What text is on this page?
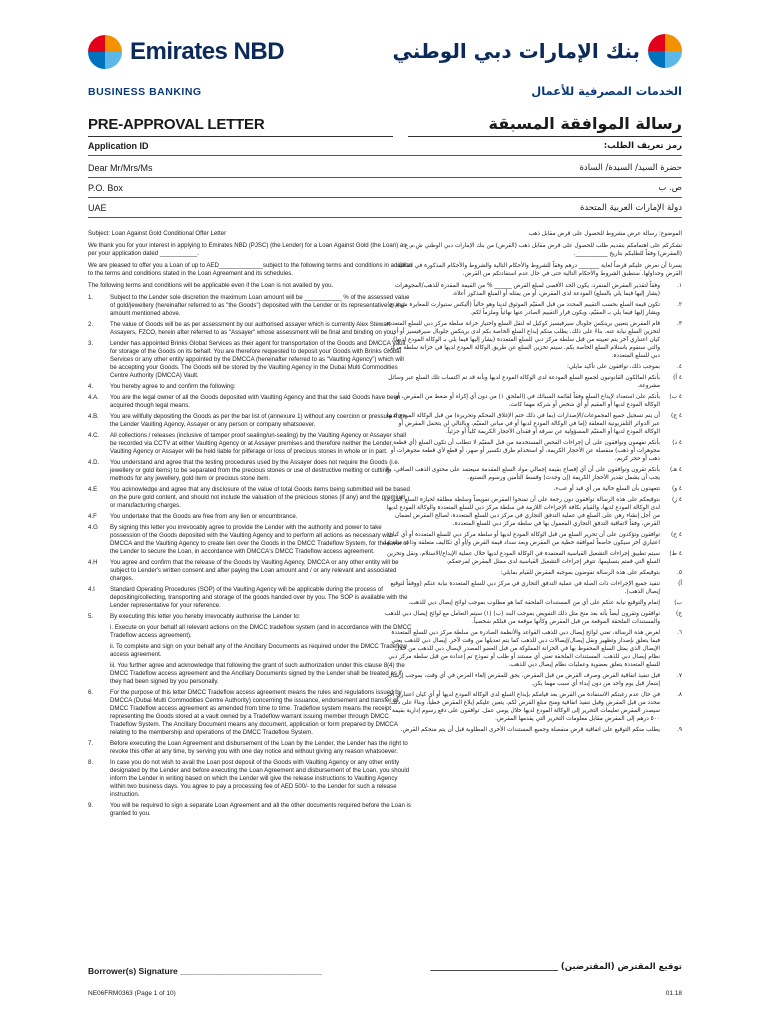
Emirates NBD
BUSINESS BANKING
بنك الإمارات دبي الوطني
الخدمات المصرفية للأعمال
PRE-APPROVAL LETTER	رسالة الموافقة المسبقة
Application ID
Dear Mr/Mrs/Ms
P.O. Box
UAE
رمز تعريف الطلب:
حضرة السيد/ السيدة/ السادة
ص. ب
دولة الإمارات العربية المتحدة
Subject: Loan Against Gold Conditional Offer Letter
We thank you for your interest in applying to Emirates NBD (PJSC) (the Lender) for a Loan Against Gold (the Loan) as per your application dated ___________.
We are pleased to offer you a Loan of up to AED_____________subject to the following terms and conditions in addition to the terms and conditions stated in the Loan Agreement and its schedules.
The following terms and conditions will be applicable even if the Loan is not availed by you.
1.	Subject to the Lender sole discretion the maximum Loan amount will be ___________ % of the assessed value of gold/jewellery (hereinafter referred to as "the Goods") deposited with the Lender or its representative or the amount mentioned above.
2.	The value of Goods will be as per assessment by our authorised assayer which is currently Alex Stewart Assayers, FZCO, herein after referred to as "Assayer" whose assessment will be final and binding on you.
3.	Lender has appointed Brinks Global Services as their agent for transportation of the Goods and DMCCA Vault for storage of the Goods on its behalf. You are therefore requested to deposit your Goods with Brinks Global Services or any other entity appointed by the DMCCA (hereinafter referred to as "Vaulting Agency") which will be accepting your Goods. The Goods will be stored by the Vaulting Agency in the Dubai Multi Commodities Centre Authority (DMCCA) Vault.
4.	You hereby agree to and confirm the following:
4.A.	You are the legal owner of all the Goods deposited with Vaulting Agency and that the said Goods have been acquired though legal means.
4.B.	You are willfully depositing the Goods as per the bar list of (annexure 1) without any coercion or pressure from the Lender Vaulting Agency, Assayer or any person or company whatsoever.
4.C.	All collections / releases (inclusive of tamper proof sealing/un-sealing) by the Vaulting Agency or Assayer shall be recorded via CCTV at either Vaulting Agency or at Assayer premises and therefore neither the Lender, Vaulting Agency or Assayer will be held liable for pilferage or loss of precious stones in whole or in part.
4.D.	You understand and agree that the testing procedures used by the Assayer does not require the Goods (i.e. jewellery or gold items) to be separated from the precious stones or use of destructive melting or cutting methods for any jewellery, gold item or precious stone item.
4.E	You acknowledge and agree that any disclosure of the value of total Goods items being submitted will be based on the pure gold content, and should not include the valuation of the precious stones (if any) and the premium or manufacturing charges.
4.F	You undertake that the Goods are free from any lien or encumbrance.
4.G	By signing this letter you irrevocably agree to provide the Lender with the authority and power to take possession of the Goods deposited with the Vaulting Agency and to perform all actions as necessary with DMCCA and the Vaulting Agency to create lien over the Goods in the DMCC Tradeflow System, for the favor of the Lender to secure the Loan, in accordance with DMCCA's DMCC Tradeflow access agreement.
4.H	You agree and confirm that the release of the Goods by Vaulting Agency, DMCCA or any other entity will be subject to Lender's written consent and after paying the Loan amount and / or any relevant and associated charges.
4.I	Standard Operating Procedures (SOP) of the Vaulting Agency will be applicable during the process of depositing/collecting, transporting and storage of the goods handed over by you. The SOP is available with the Lender representative for your reference.
5.	By executing this letter you hereby irrevocably authorise the Lender to:
i. Execute on your behalf all relevant actions on the DMCC tradeflow system (and in accordance with the DMCC Tradeflow access agreement).
ii. To complete and sign on your behalf any of the Ancillary Documents as required under the DMCC Tradeflow access agreement.
iii. You further agree and acknowledge that following the grant of such authorization under this clause 8(4) the DMCC Tradeflow access agreement and the Ancillary Documents signed by the Lender shall be treated as if they had been signed by you personally.
6.	For the purpose of this letter DMCC Tradeflow access agreement means the rules and regulations issued by DMCCA (Dubai Multi Commodities Centre Authority) concerning the issuance, endorsement and transfer of DMCC Tradeflow access agreement as amended from time to time. Tradeflow system means the receipt representing the Goods stored at a vault owned by a Tradeflow warrant issuing member through DMCC Tradeflow System. The Ancillary Document means any document, application or form prepared by DMCCA relating to the membership and operations of the DMCC Tradeflow System.
7.	Before executing the Loan Agreement and disbursement of the Loan by the Lender, the Lender has the right to revoke this offer at any time, by serving you with one day notice and without giving any reason whatsoever.
8.	In case you do not wish to avail the Loan post deposit of the Goods with Vaulting Agency or any other entity designated by the Lender and before executing the Loan Agreement and disbursement of the Loan, you should inform the Lender in writing based on which the Lender will give the release instructions to Vaulting Agency within two business days. You agree to pay a processing fee of AED 500/- to the Lender for such a release instruction.
9.	You will be required to sign a separate Loan Agreement and all the other documents required before the Loan is granted to you.
الموضوع: رسالة عرض مشروط للحصول على قرض مقابل ذهب
نشكركم على اهتمامكم بتقديم طلب للحصول على قرض مقابل ذهب (القرض) من بنك الإمارات دبي الوطني ش.م.ع (المقرض) وفقاً للطلبكم بتاريخ ___________.
يسرنا أن نعرض عليكم قرضاً لغاية _______ درهم وفقاً للشروط والأحكام التالية والشروط والأحكام المذكورة في اتفاقية القرض وجداولها. ستطبق الشروط والأحكام التالية حتى في حال عدم استفادتكم من القرض.
١.
وفقاً لتقدير المقرض المنفرد، يكون الحد الأقصى لمبلغ القرض ______ % من القيمة المقدرة للذهب/المجوهرات (يشار إليها فيما يلي بالسلع) المودعة لدى المقرض، أو من يمثله أو المبلغ المذكور أعلاه.
٢.
تكون قيمة السلع بحسب التقييم المحدد من قبل المقيّم الموثوق لدينا وهو حالياً (أليكس ستيوارت للمعايرة ش.م.ح) ويشار إليها فيما يلي بـ المقيّم، ويكون قرار التقييم الصادر عنها نهائياً وملزماً لكم.
٣.
قام المقرض بتعيين برينكس جلوبال سيرفيسيز كوكيل له لنقل السلع واختيار خزانة سلطة مركز دبي للسلع المتعددة لتخزين السلع نيابة عنه. بناءً على ذلك، يطلب منكم إيداع السلع الخاصة بكم لدى برينكس جلوبال سيرفيسيز أو أي كيان اعتباري آخر يتم تعيينه من قبل سلطة مركز دبي للسلع المتعددة (يشار إليها فيما يلي بـ الوكالة المودع لديها) والتي ستقوم باستلام السلع الخاصة بكم. سيتم تخزين السلع عن طريق الوكالة المودع لديها في خزانة سلطة مركز دبي للسلع المتعددة.
٤.
بموجب ذلك، توافقون على تأكيد مايلي:
٤ أ)
بأنكم المالكون القانونيون لجميع السلع المودعة لدى الوكالة المودع لديها وبأنه قد تم اكتساب تلك السلع عبر وسائل مشروعة.
٤ ب)
بأنكم على استعداد لإيداع السلع وفقاً لقائمة السبائك في (الملحق ١) من دون أي إكراه أو ضغط من المقرض، أو الوكالة المودع لديها أو المقيم أو أي شخص أو شركة مهما كانت.
٤ ج)
أن يتم تسجيل جميع المجموعات/الإصدارات (بما في ذلك ختم الإغلاق المحكم وتحريره) من قبل الوكالة المودع لديها عبر الدوائر التلفزيونية المغلقة (إما في الوكالة المودع لديها أو في مباني المقيّم، وبالتالي لن يتحمل المقرض أو الوكالة المودع لديها أو المقيّم المسؤولية عن سرقة أو فقدان الأحجار الكريمة كلياً أو جزئياً.
٤ د)
بأنكم تفهمون وتوافقون على أن إجراءات الفحص المستخدمة من قبل المقيّم لا تتطلب أن تكون السلع (أي قطعة مجوهرات أو ذهب) منفصلة عن الأحجار الكريمة، أو استخدام طرق تكسير أو صهر، أو قطع لأي قطعة مجوهرات أو ذهب أو حجر كريم.
٤ هـ)
بأنكم تقرون وتوافقون على أن أي إفصاح بقيمة إجمالي مواد السلع المقدمة سيعتمد على محتوى الذهب الصافي، ولا يجب أن يشمل تقدير الأحجار الكريمة (إن وجدت) وقسط التأمين ورسوم التصنيع.
٤ و)
تتعهدون بأن السلع خالية من أي قيد أو عبء.
٤ ز)
بتوقيعكم على هذه الرسالة توافقون دون رجعة على أن تمنحوا المقرض تفويضاً وسلطة مطلقة لحيازة السلع المودعة لدى الوكالة المودع لديها، والقيام بكافة الإجراءات اللازمة في سلطة مركز دبي للسلع المتعددة والوكالة المودع لديها من أجل إنشاء رهن على السلع في عملية التدفق التجاري في مركز دبي للسلع المتعددة، لصالح المقرض لضمان القرض، وفقاً لاتفاقية التدفق التجاري المعمول بها في سلطة مركز دبي للسلع المتعددة.
٤ ح)
توافقون وتؤكدون على أن تحرير السلع من قبل الوكالة المودع لديها أو سلطة مركز دبي للسلع المتعددة أو أي كيان اعتباري آخر سيكون خاضعاً لموافقة خطية من المقرض وبعد سداد قيمة القرض و/أو أي تكاليف متعلقة وذات صلة بها.
٤ ط)
سيتم تطبيق إجراءات التشغيل القياسية المعتمدة في الوكالة المودع لديها خلال عملية الإيداع/الاستلام، ونقل وتخزين السلع التي قمتم بتسليمها. تتوفر إجراءات التشغيل القياسية لدى ممثل المقرض لمرجعكم.
٥.
بتوقيعكم على هذه الرسالة تفوضون بموجبه المقرض للقيام بمايلي:
أ)
تنفيذ جميع الإجراءات ذات الصلة في عملية التدفق التجاري في مركز دبي للسلع المتعددة نيابة عنكم (ووفقاً لتوقيع إيصال الذهب).
ب)
إتمام والتوقيع نيابة عنكم على أي من المستندات الملحقة كما هو مطلوب بموجب لوائح إيصال دبي للذهب.
ج)
توافقون وتقرون أيضاً بأنه بعد منح مثل ذلك التفويض بموجب البند (ب) (١) سيتم التعامل مع لوائح إيصال دبي للذهب والمستندات الملحقة الموقعة من قبل المقرض وكأنها موقعة من قبلكم شخصياً.
٦.
لغرض هذه الرسالة، تعني لوائح إيصال دبي للذهب القواعد والأنظمة الصادرة من سلطة مركز دبي للسلع المتعددة فيما يتعلق بإصدار وتظهير ونقل إيصال/إيصالات دبي للذهب كما يتم تعديلها من وقت لآخر. إيصال دبي للذهب يعني الإيصال الذي يمثل السلع المحفوظ بها في الخزانة المملوكة من قبل العضو المصدر لإيصال دبي للذهب من خلال نظام إيصال دبي للذهب. المستندات الملحقة تعني أي مستند أو طلب أو نموذج تم إعداده من قبل سلطة مركز دبي للسلع المتعددة يتعلق بعضوية وعمليات نظام إيصال دبي للذهب.
٧.
قبل تنفيذ اتفاقية القرض وصرف القرض من قبل المقرض، يحق للمقرض إلغاء العرض في أي وقت، بموجب إرسال إشعار قبل يوم واحد من دون إبداء أي سبب مهما يكن.
٨.
في حال عدم رغبتكم الاستفادة من القرض بعد قيامكم بإيداع السلع لدى الوكالة المودع لديها أو أي كيان اعتباري آخر محدد من قبل المقرض وقبل تنفيذ اتفاقية ومنح مبلغ القرض لكم، يتعين عليكم إبلاغ المقرض خطياً، وبناءً على ذلك، سيصدر المقرض تعليمات التحرير إلى الوكالة المودع لديها خلال يومي عمل. توافقون على دفع رسوم إدارية بقيمة ٥٠٠ درهم إلى المقرض مقابل معلومات التحرير التي يقدمها المقرض.
٩.
يطلب منكم التوقيع على اتفاقية قرض منفصلة وجميع المستندات الأخرى المطلوبة قبل أن يتم منحكم القرض.
Borrower(s) Signature ______________________________	توقيع المقترض (المقترضين) ______________________________
NE06FRM0363 (Page 1 of 10)	01.18
